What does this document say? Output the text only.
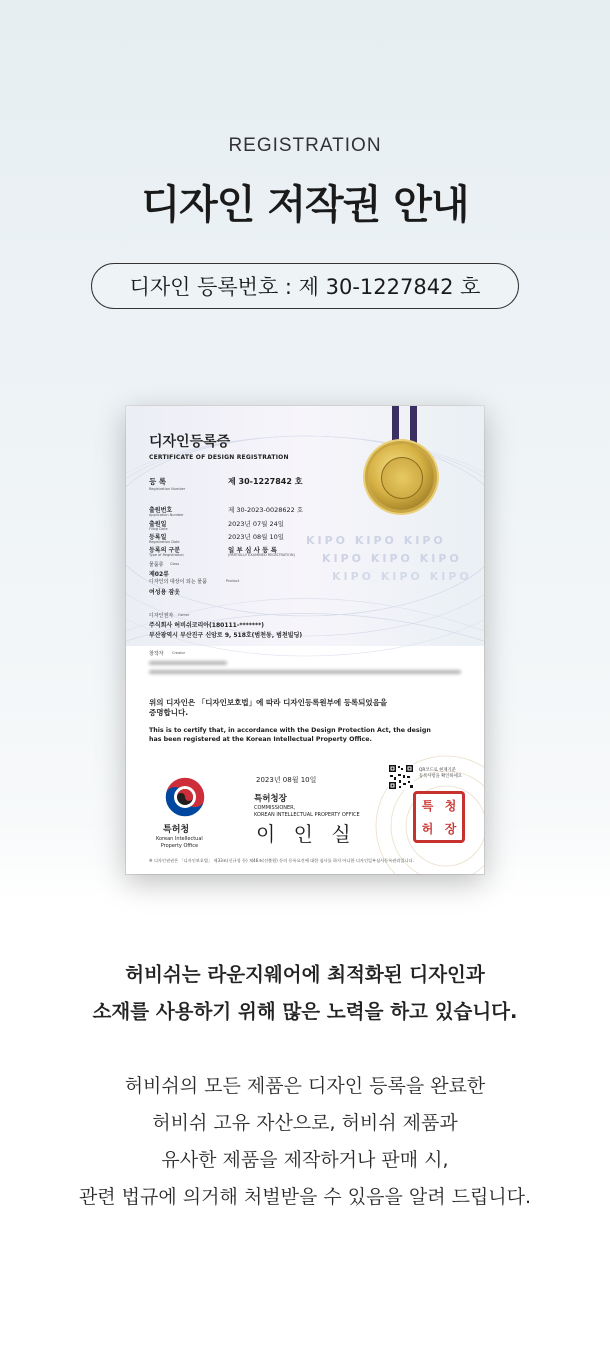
REGISTRATION
디자인 저작권 안내
디자인 등록번호 : 제 30-1227842 호
KIPO KIPO KIPO
KIPO KIPO KIPO
KIPO KIPO KIPO
디자인등록증
CERTIFICATE OF DESIGN REGISTRATION
등 록
Registration Number
제 30-1227842 호
출원번호
Application Number
제 30-2023-0028622 호
출원일
Filing Date
2023년 07월 24일
등록일
Registration Date
2023년 08월 10일
등록의 구분
Type of Registration
일 부 심 사 등 록
(PARTIALLY EXAMINED REGISTRATION)
물품류 Class
제02류
디자인의 대상이 되는 물품	Product
여성용 잠옷
디자인권자 Owner
주식회사 허비쉬코리아(180111-*******)
부산광역시 부산진구 신암로 9, 518호(범천동, 범천빌딩)
창작자 Creator
위의 디자인은 「디자인보호법」에 따라 디자인등록원부에 등록되었음을
증명합니다.
This is to certify that, in accordance with the Design Protection Act, the design
has been registered at the Korean Intellectual Property Office.
특허청
Korean Intellectual
Property Office
2023년 08월 10일
QR코드로 현재기준
등록사항을 확인하세요
특허청장
COMMISSIONER,
KOREAN INTELLECTUAL PROPERTY OFFICE
이 인 실
특 청
허 장
※ 디자인권권은 「디자인보호법」 제33조(신규성 등) 제46조(선출원) 등의 등록요건에 대한 심사를 하지 아니한 디자인일부심사등록권리입니다.
허비쉬는 라운지웨어에 최적화된 디자인과
소재를 사용하기 위해 많은 노력을 하고 있습니다.
허비쉬의 모든 제품은 디자인 등록을 완료한
허비쉬 고유 자산으로, 허비쉬 제품과
유사한 제품을 제작하거나 판매 시,
관련 법규에 의거해 처벌받을 수 있음을 알려 드립니다.
